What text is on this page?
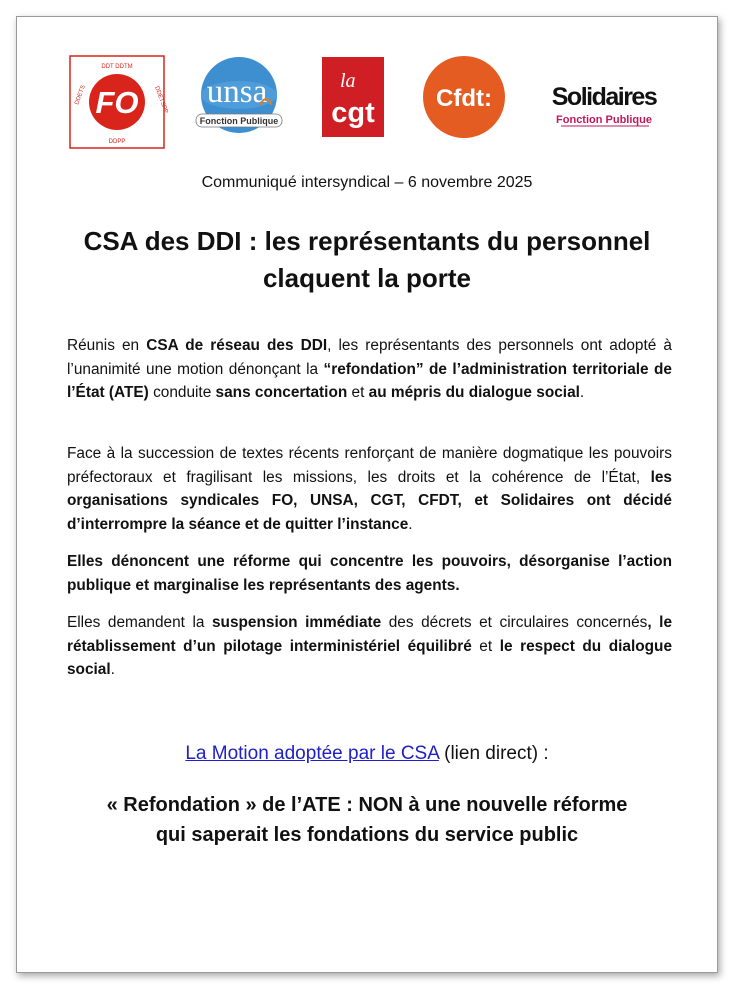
FO
DDT DDTM
DDETS	DDETSPP
DDPP
unsa
Fonction Publique
la
cgt	Cfdt: Solidaires
Fonction Publique
Communiqué intersyndical – 6 novembre 2025
CSA des DDI : les représentants du personnel
claquent la porte

Réunis en CSA de réseau des DDI, les représentants des personnels ont adopté à l’unanimité une motion dénonçant la “refondation” de l’administration territoriale de l’État (ATE) conduite sans concertation et au mépris du dialogue social.

Face à la succession de textes récents renforçant de manière dogmatique les pouvoirs préfectoraux et fragilisant les missions, les droits et la cohérence de l’État, les organisations syndicales FO, UNSA, CGT, CFDT, et Solidaires ont décidé d’interrompre la séance et de quitter l’instance.

Elles dénoncent une réforme qui concentre les pouvoirs, désorganise l’action publique et marginalise les représentants des agents.

Elles demandent la suspension immédiate des décrets et circulaires concernés, le rétablissement d’un pilotage interministériel équilibré et le respect du dialogue social.

La Motion adoptée par le CSA (lien direct) :
« Refondation » de l’ATE : NON à une nouvelle réforme
qui saperait les fondations du service public
